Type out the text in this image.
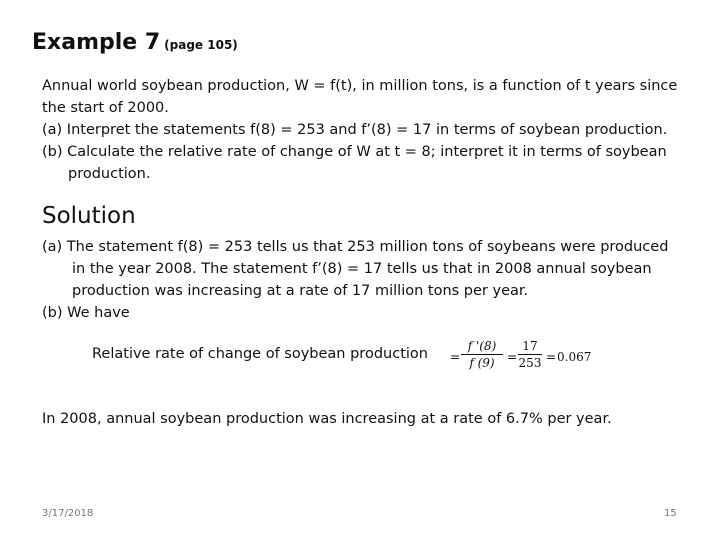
Example 7 (page 105)
Annual world soybean production, W = f(t), in million tons, is a function of t years since
the start of 2000.
(a) Interpret the statements f(8) = 253 and f’(8) = 17 in terms of soybean production.
(b) Calculate the relative rate of change of W at t = 8; interpret it in terms of soybean
production.
Solution
(a) The statement f(8) = 253 tells us that 253 million tons of soybeans were produced
in the year 2008. The statement f’(8) = 17 tells us that in 2008 annual soybean
production was increasing at a rate of 17 million tons per year.
(b) We have
Relative rate of change of soybean production =
f '(8)
f (9)	=
17
253 = 0.067
In 2008, annual soybean production was increasing at a rate of 6.7% per year.
3/17/2018	15
